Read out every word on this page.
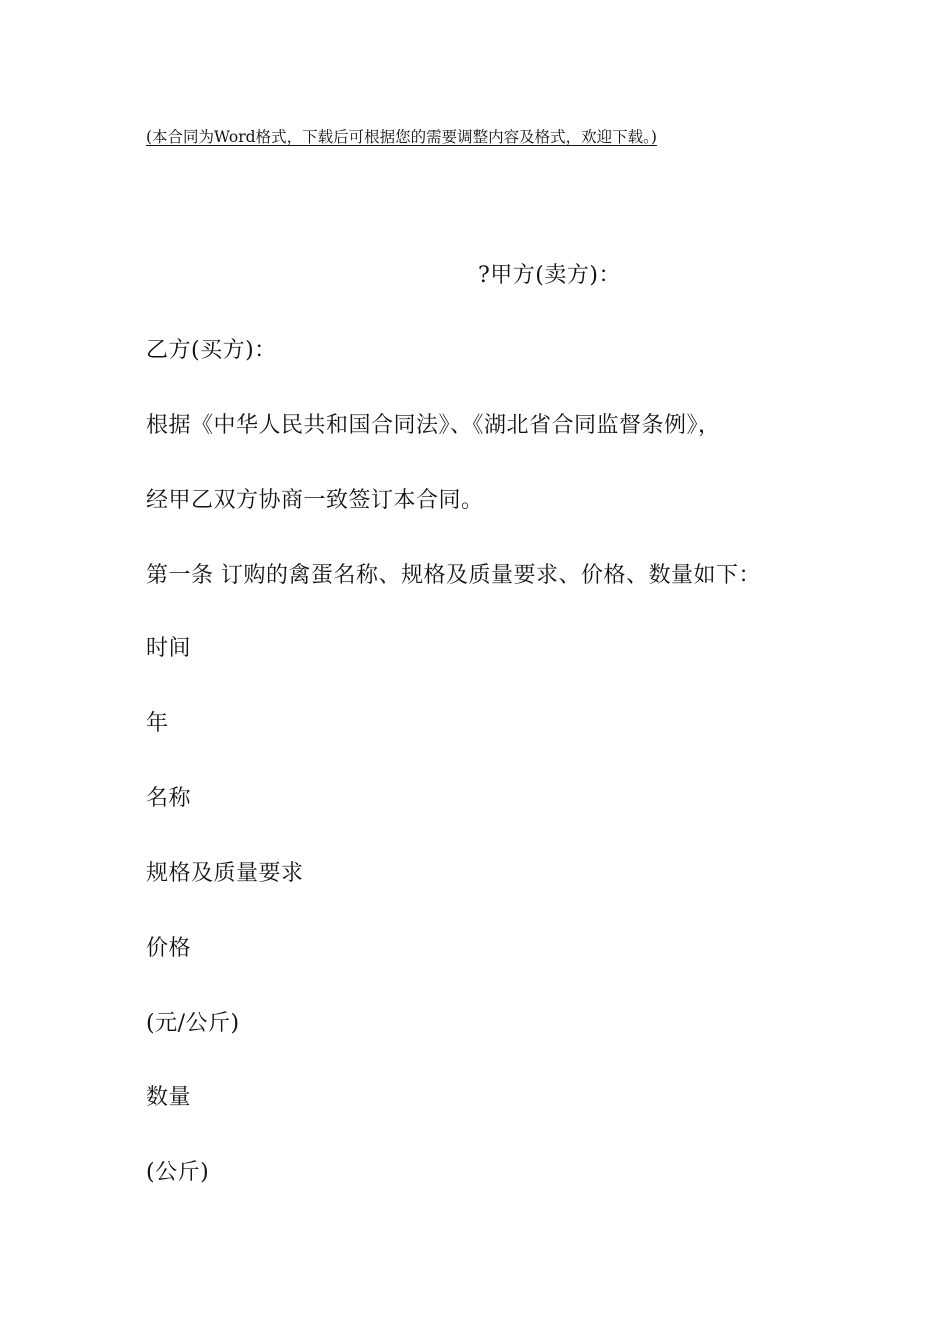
(本合同为Word格式，下载后可根据您的需要调整内容及格式，欢迎下载。)
?甲方(卖方)：
乙方(买方)：
根据《中华人民共和国合同法》、《湖北省合同监督条例》，
经甲乙双方协商一致签订本合同。
第一条 订购的禽蛋名称、规格及质量要求、价格、数量如下：
时间
年
名称
规格及质量要求
价格
(元/公斤)
数量
(公斤)
